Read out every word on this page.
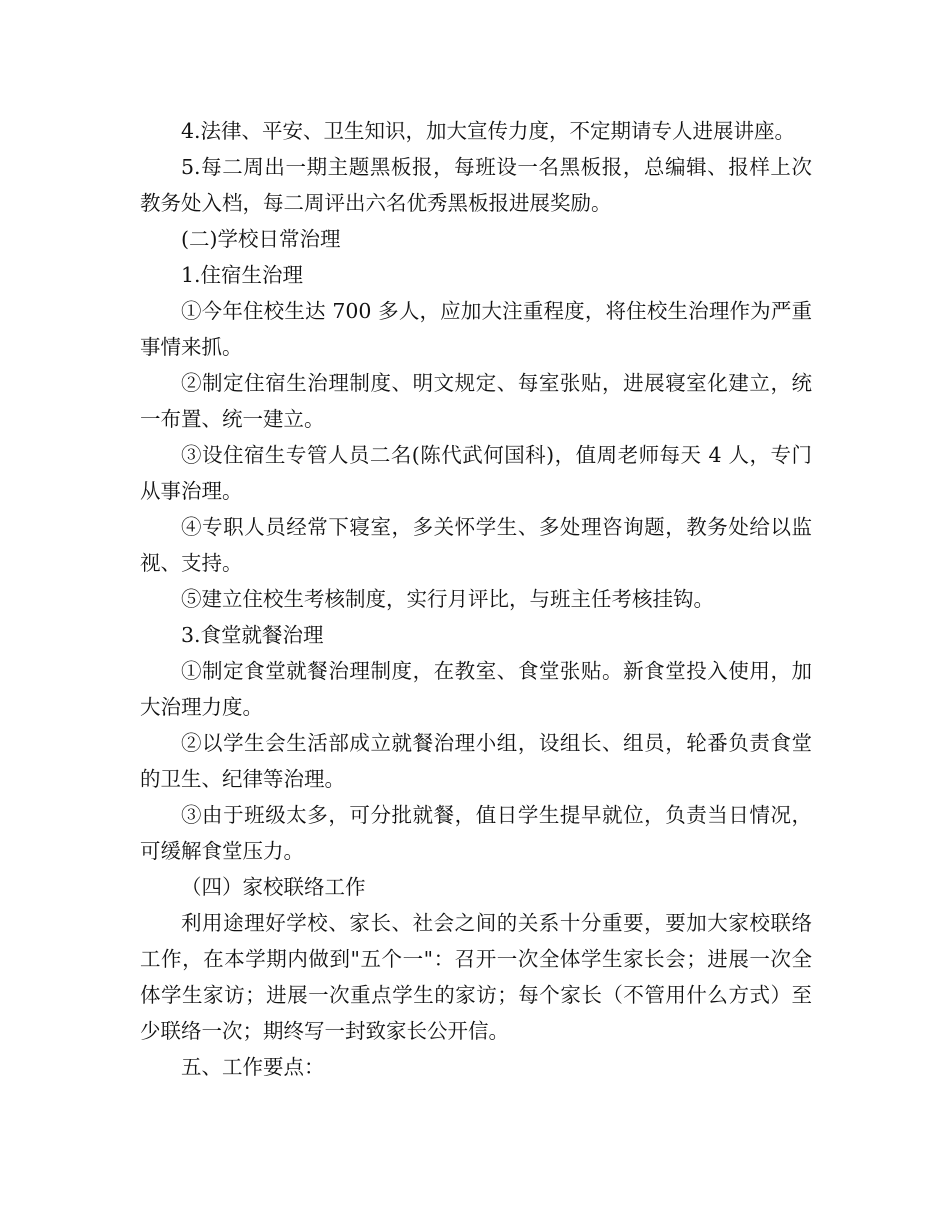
4.法律、平安、卫生知识，加大宣传力度，不定期请专人进展讲座。

5.每二周出一期主题黑板报，每班设一名黑板报，总编辑、报样上次教务处入档，每二周评出六名优秀黑板报进展奖励。

(二)学校日常治理

1.住宿生治理

①今年住校生达 700 多人，应加大注重程度，将住校生治理作为严重事情来抓。

②制定住宿生治理制度、明文规定、每室张贴，进展寝室化建立，统一布置、统一建立。

③设住宿生专管人员二名(陈代武何国科)，值周老师每天 4 人，专门从事治理。

④专职人员经常下寝室，多关怀学生、多处理咨询题，教务处给以监视、支持。

⑤建立住校生考核制度，实行月评比，与班主任考核挂钩。

3.食堂就餐治理

①制定食堂就餐治理制度，在教室、食堂张贴。新食堂投入使用，加大治理力度。

②以学生会生活部成立就餐治理小组，设组长、组员，轮番负责食堂的卫生、纪律等治理。

③由于班级太多，可分批就餐，值日学生提早就位，负责当日情况，可缓解食堂压力。

（四）家校联络工作

利用途理好学校、家长、社会之间的关系十分重要，要加大家校联络工作，在本学期内做到"五个一"：召开一次全体学生家长会；进展一次全体学生家访；进展一次重点学生的家访；每个家长（不管用什么方式）至少联络一次；期终写一封致家长公开信。

五、工作要点：
